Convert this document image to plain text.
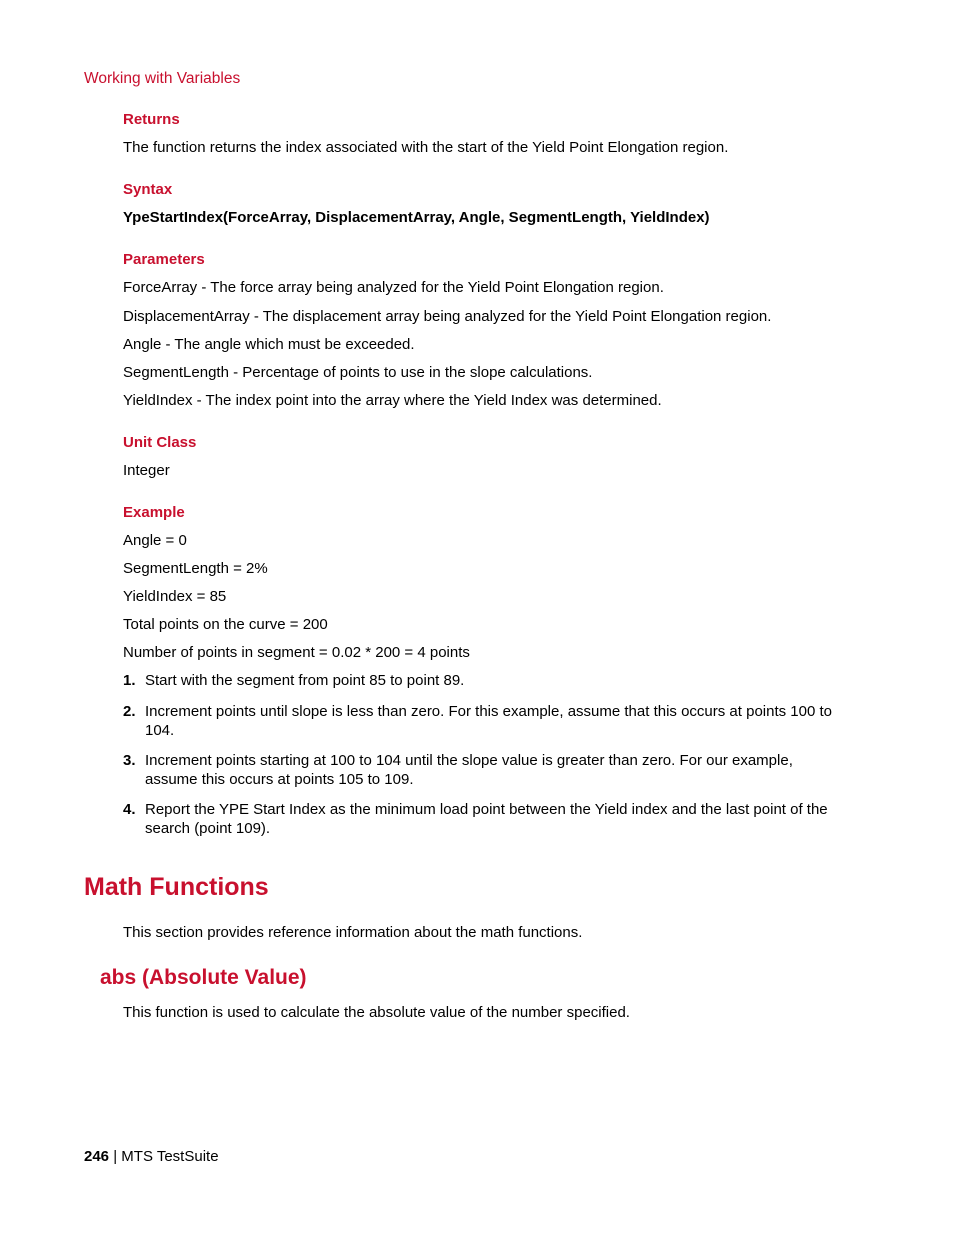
Working with Variables
Returns
The function returns the index associated with the start of the Yield Point Elongation region.
Syntax
YpeStartIndex(ForceArray, DisplacementArray, Angle, SegmentLength, YieldIndex)
Parameters
ForceArray - The force array being analyzed for the Yield Point Elongation region.
DisplacementArray - The displacement array being analyzed for the Yield Point Elongation region.
Angle - The angle which must be exceeded.
SegmentLength - Percentage of points to use in the slope calculations.
YieldIndex - The index point into the array where the Yield Index was determined.
Unit Class
Integer
Example
Angle = 0
SegmentLength = 2%
YieldIndex = 85
Total points on the curve = 200
Number of points in segment = 0.02 * 200 = 4 points
1. Start with the segment from point 85 to point 89.
2. Increment points until slope is less than zero. For this example, assume that this occurs at points 100 to 104.
3. Increment points starting at 100 to 104 until the slope value is greater than zero. For our example, assume this occurs at points 105 to 109.
4. Report the YPE Start Index as the minimum load point between the Yield index and the last point of the search (point 109).
Math Functions
This section provides reference information about the math functions.
abs (Absolute Value)
This function is used to calculate the absolute value of the number specified.
246 | MTS TestSuite
